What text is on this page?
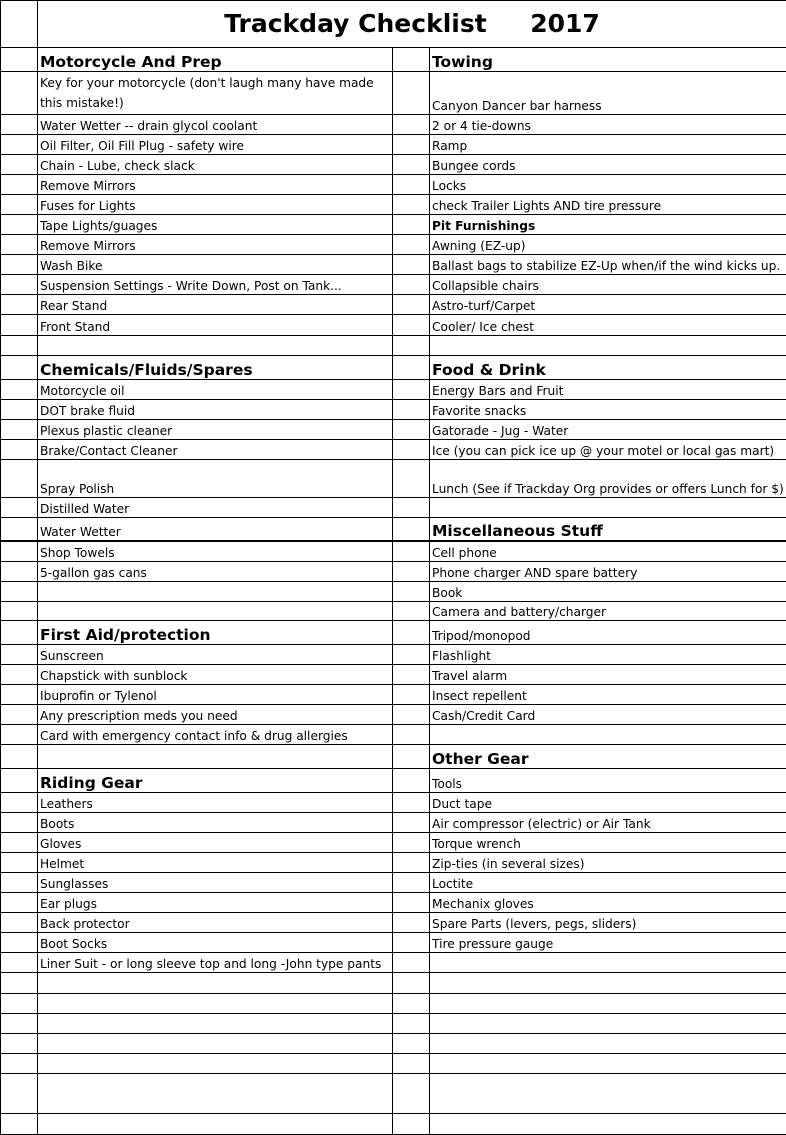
	Trackday Checklist     2017		
	Motorcycle And Prep		Towing
	Key for your motorcycle (don't laugh many have made this mistake!)		Canyon Dancer bar harness
	Water Wetter -- drain glycol coolant		2 or 4 tie-downs
	Oil Filter, Oil Fill Plug - safety wire		Ramp
	Chain - Lube, check slack		Bungee cords
	Remove Mirrors		Locks
	Fuses for Lights		check Trailer Lights AND tire pressure
	Tape Lights/guages		Pit Furnishings
	Remove Mirrors		Awning (EZ-up)
	Wash Bike		Ballast bags to stabilize EZ-Up when/if the wind kicks up.
	Suspension Settings - Write Down, Post on Tank...		Collapsible chairs
	Rear Stand		Astro-turf/Carpet
	Front Stand		Cooler/ Ice chest

	Chemicals/Fluids/Spares		Food & Drink
	Motorcycle oil		Energy Bars and Fruit
	DOT brake fluid		Favorite snacks
	Plexus plastic cleaner		Gatorade - Jug - Water
	Brake/Contact Cleaner		Ice (you can pick ice up @ your motel or local gas mart)
	Spray Polish		Lunch (See if Trackday Org provides or offers Lunch for $)
	Distilled Water		
	Water Wetter		Miscellaneous Stuff
	Shop Towels		Cell phone
	5-gallon gas cans		Phone charger AND spare battery
			Book
			Camera and battery/charger
	First Aid/protection		Tripod/monopod
	Sunscreen		Flashlight
	Chapstick with sunblock		Travel alarm
	Ibuprofin or Tylenol		Insect repellent
	Any prescription meds you need		Cash/Credit Card
	Card with emergency contact info & drug allergies		
			Other Gear
	Riding Gear		Tools
	Leathers		Duct tape
	Boots		Air compressor (electric) or Air Tank
	Gloves		Torque wrench
	Helmet		Zip-ties (in several sizes)
	Sunglasses		Loctite
	Ear plugs		Mechanix gloves
	Back protector		Spare Parts (levers, pegs, sliders)
	Boot Socks		Tire pressure gauge
	Liner Suit - or long sleeve top and long -John type pants		
